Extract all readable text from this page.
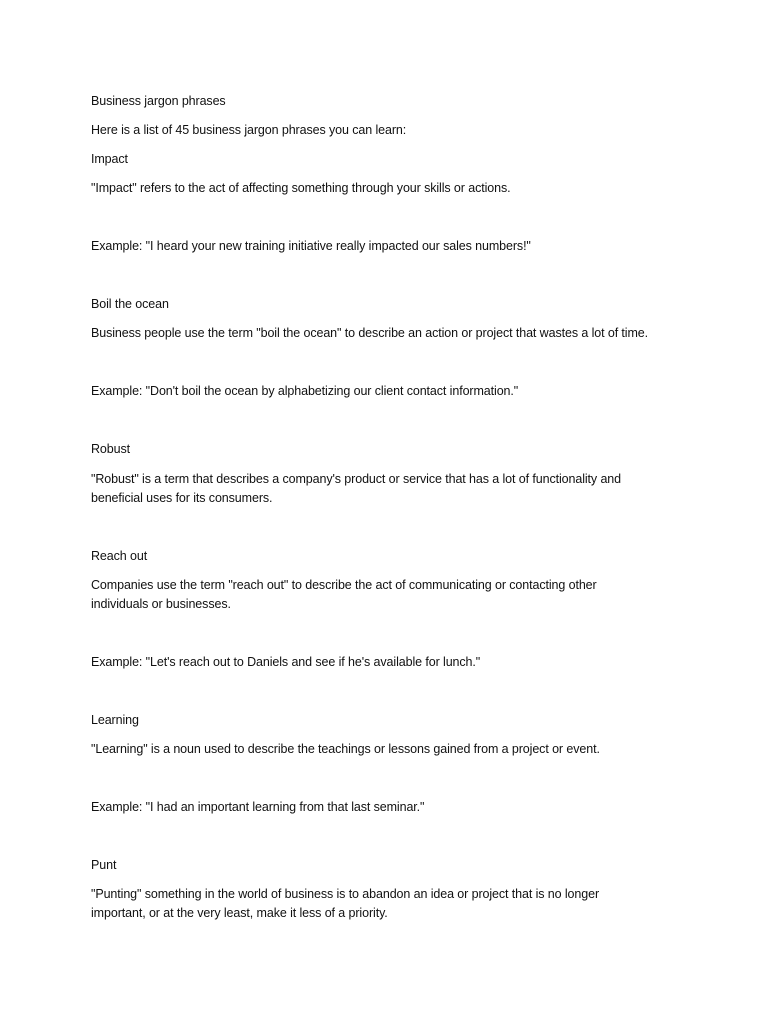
Business jargon phrases
Here is a list of 45 business jargon phrases you can learn:
Impact
"Impact" refers to the act of affecting something through your skills or actions.
Example: "I heard your new training initiative really impacted our sales numbers!"
Boil the ocean
Business people use the term "boil the ocean" to describe an action or project that wastes a lot of time.
Example: "Don't boil the ocean by alphabetizing our client contact information."
Robust
"Robust" is a term that describes a company's product or service that has a lot of functionality and
beneficial uses for its consumers.
Reach out
Companies use the term "reach out" to describe the act of communicating or contacting other
individuals or businesses.
Example: "Let's reach out to Daniels and see if he's available for lunch."
Learning
"Learning" is a noun used to describe the teachings or lessons gained from a project or event.
Example: "I had an important learning from that last seminar."
Punt
"Punting" something in the world of business is to abandon an idea or project that is no longer
important, or at the very least, make it less of a priority.
